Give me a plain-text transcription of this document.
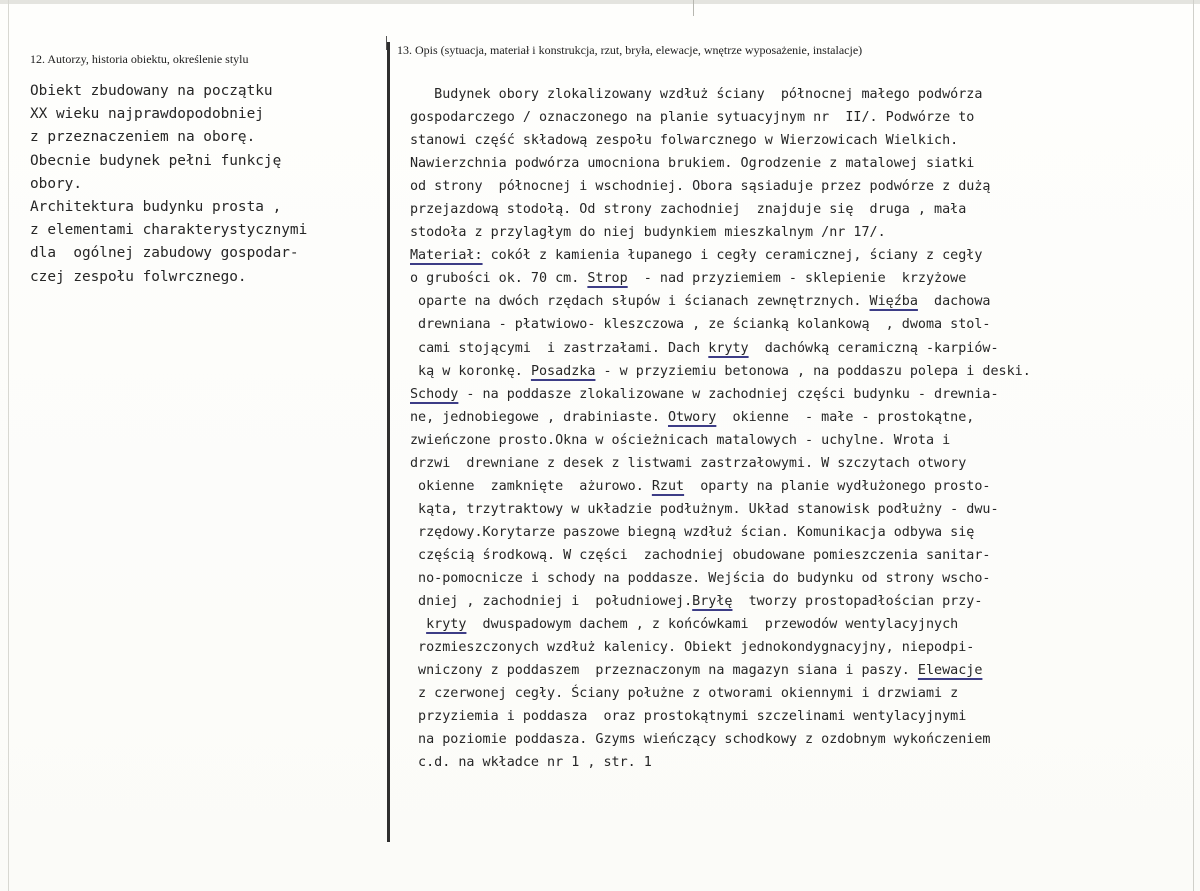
12. Autorzy, historia obiektu, określenie stylu
13. Opis (sytuacja, materiał i konstrukcja, rzut, bryła, elewacje, wnętrze wyposażenie, instalacje)
Obiekt zbudowany na początku
XX wieku najprawdopodobniej
z przeznaczeniem na oborę.
Obecnie budynek pełni funkcję
obory.
Architektura budynku prosta ,
z elementami charakterystycznymi
dla  ogólnej zabudowy gospodar-
czej zespołu folwrcznego.
Budynek obory zlokalizowany wzdłuż ściany  północnej małego podwórza
gospodarczego / oznaczonego na planie sytuacyjnym nr  II/. Podwórze to
stanowi część składową zespołu folwarcznego w Wierzowicach Wielkich.
Nawierzchnia podwórza umocniona brukiem. Ogrodzenie z matalowej siatki
od strony  północnej i wschodniej. Obora sąsiaduje przez podwórze z dużą
przejazdową stodołą. Od strony zachodniej  znajduje się  druga , mała
stodoła z przylagłym do niej budynkiem mieszkalnym /nr 17/.
Materiał: cokół z kamienia łupanego i cegły ceramicznej, ściany z cegły
o grubości ok. 70 cm. Strop  - nad przyziemiem - sklepienie  krzyżowe
oparte na dwóch rzędach słupów i ścianach zewnętrznych. Więźba  dachowa
drewniana - płatwiowo- kleszczowa , ze ścianką kolankową  , dwoma stol-
cami stojącymi  i zastrzałami. Dach kryty  dachówką ceramiczną -karpiów-
ką w koronkę. Posadzka - w przyziemiu betonowa , na poddaszu polepa i deski.
Schody - na poddasze zlokalizowane w zachodniej części budynku - drewnia-
ne, jednobiegowe , drabiniaste. Otwory  okienne  - małe - prostokątne,
zwieńczone prosto.Okna w ościeżnicach matalowych - uchylne. Wrota i
drzwi  drewniane z desek z listwami zastrzałowymi. W szczytach otwory
okienne  zamknięte  ażurowo. Rzut  oparty na planie wydłużonego prosto-
kąta, trzytraktowy w układzie podłużnym. Układ stanowisk podłużny - dwu-
rzędowy.Korytarze paszowe biegną wzdłuż ścian. Komunikacja odbywa się
częścią środkową. W części  zachodniej obudowane pomieszczenia sanitar-
no-pomocnicze i schody na poddasze. Wejścia do budynku od strony wscho-
dniej , zachodniej i  południowej.Bryłę  tworzy prostopadłościan przy-
kryty  dwuspadowym dachem , z końcówkami  przewodów wentylacyjnych
rozmieszczonych wzdłuż kalenicy. Obiekt jednokondygnacyjny, niepodpi-
wniczony z poddaszem  przeznaczonym na magazyn siana i paszy. Elewacje
z czerwonej cegły. Ściany połużne z otworami okiennymi i drzwiami z
przyziemia i poddasza  oraz prostokątnymi szczelinami wentylacyjnymi
na poziomie poddasza. Gzyms wieńczący schodkowy z ozdobnym wykończeniem
c.d. na wkładce nr 1 , str. 1
